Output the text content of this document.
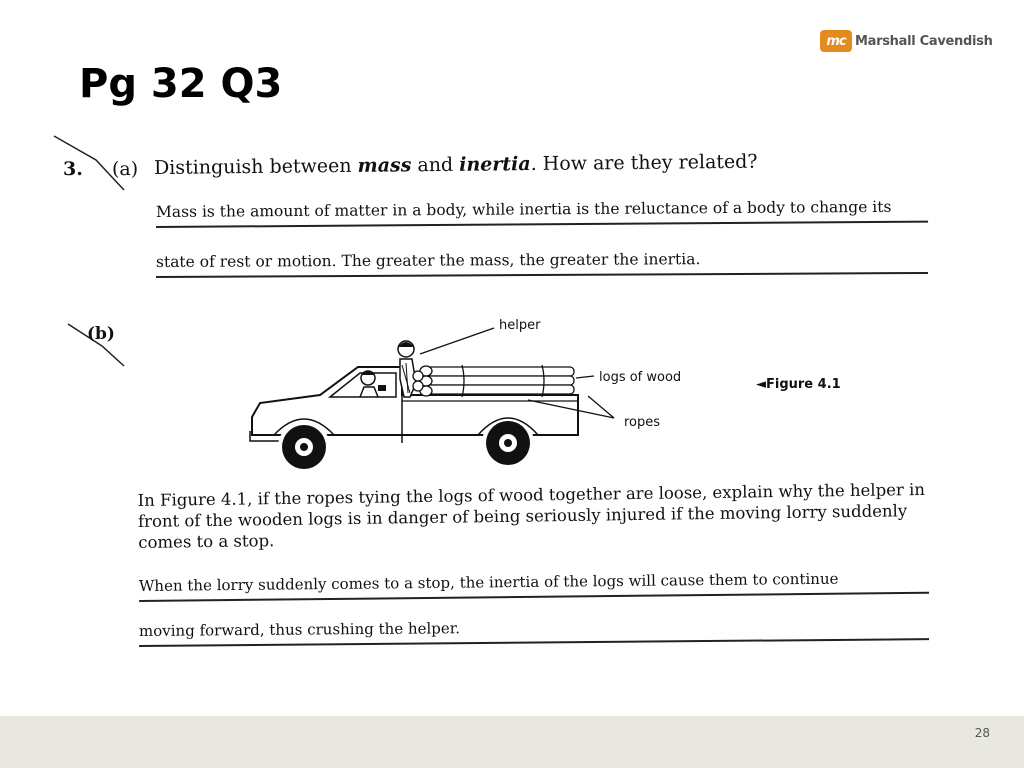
Pg 32 Q3
mc Marshall Cavendish
3. (a) Distinguish between mass and inertia. How are they related?
Mass is the amount of matter in a body, while inertia is the reluctance of a body to change its
state of rest or motion. The greater the mass, the greater the inertia.
(b)	helper
logs of wood
ropes
◄Figure 4.1
In Figure 4.1, if the ropes tying the logs of wood together are loose, explain why the helper in front of the wooden logs is in danger of being seriously injured if the moving lorry suddenly comes to a stop.
When the lorry suddenly comes to a stop, the inertia of the logs will cause them to continue
moving forward, thus crushing the helper.
28
